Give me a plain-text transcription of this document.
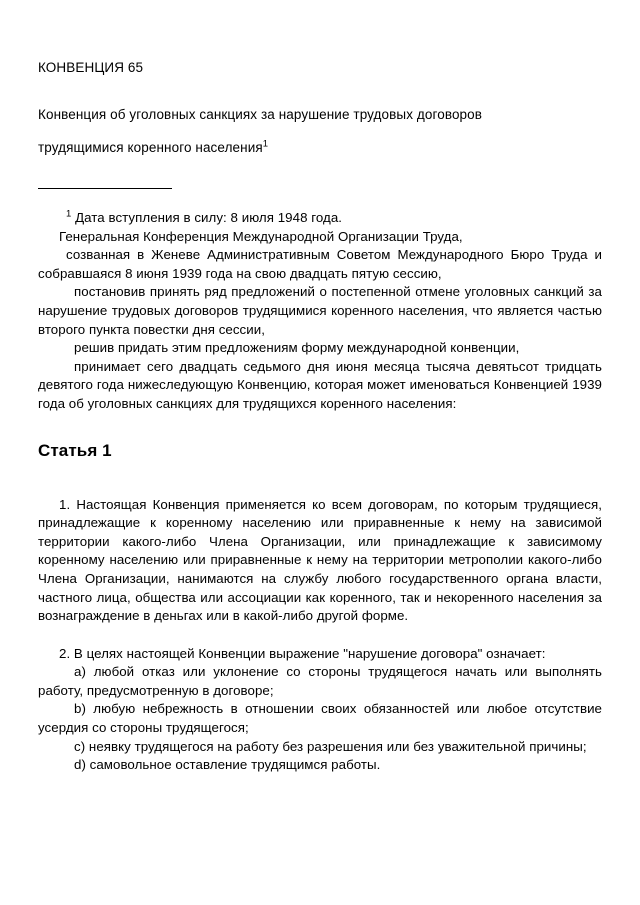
КОНВЕНЦИЯ 65

Конвенция об уголовных санкциях за нарушение трудовых договоров
трудящимися коренного населения$^1$

$^1$ Дата вступления в силу: 8 июля 1948 года.

Генеральная Конференция Международной Организации Труда,

созванная в Женеве Административным Советом Международного Бюро Труда и собравшаяся 8 июня 1939 года на свою двадцать пятую сессию,

постановив принять ряд предложений о постепенной отмене уголовных санкций за нарушение трудовых договоров трудящимися коренного населения, что является частью второго пункта повестки дня сессии,

решив придать этим предложениям форму международной конвенции,

принимает сего двадцать седьмого дня июня месяца тысяча девятьсот тридцать девятого года нижеследующую Конвенцию, которая может именоваться Конвенцией 1939 года об уголовных санкциях для трудящихся коренного населения:

Статья 1

1. Настоящая Конвенция применяется ко всем договорам, по которым трудящиеся, принадлежащие к коренному населению или приравненные к нему на зависимой территории какого-либо Члена Организации, или принадлежащие к зависимому коренному населению или приравненные к нему на территории метрополии какого-либо Члена Организации, нанимаются на службу любого государственного органа власти, частного лица, общества или ассоциации как коренного, так и некоренного населения за вознаграждение в деньгах или в какой-либо другой форме.

2. В целях настоящей Конвенции выражение "нарушение договора" означает:

a) любой отказ или уклонение со стороны трудящегося начать или выполнять работу, предусмотренную в договоре;

b) любую небрежность в отношении своих обязанностей или любое отсутствие усердия со стороны трудящегося;

c) неявку трудящегося на работу без разрешения или без уважительной причины;

d) самовольное оставление трудящимся работы.
